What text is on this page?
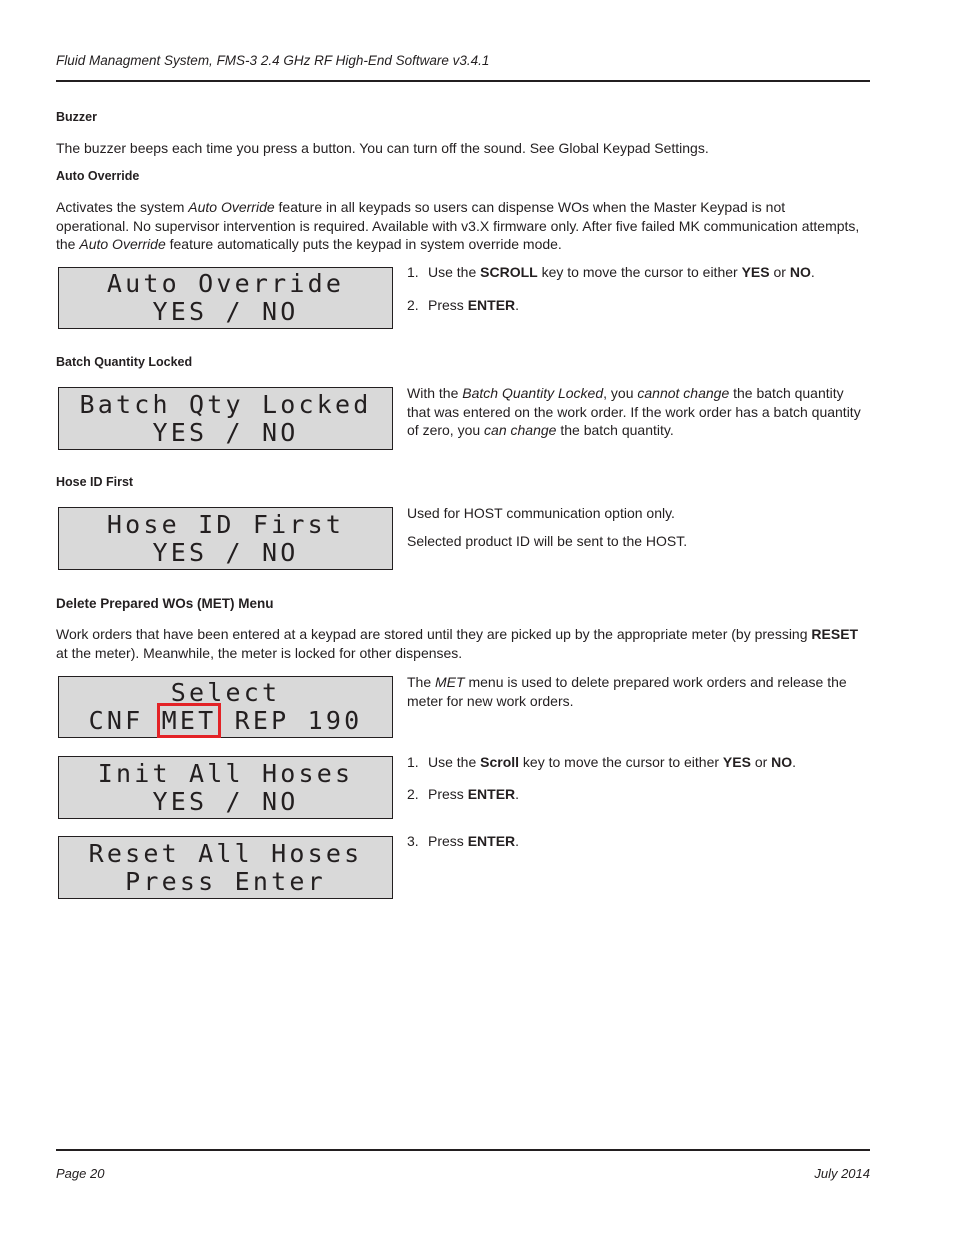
Fluid Managment System, FMS-3 2.4 GHz RF High-End Software v3.4.1
Buzzer
The buzzer beeps each time you press a button. You can turn off the sound. See Global Keypad Settings.
Auto Override
Activates the system Auto Override feature in all keypads so users can dispense WOs when the Master Keypad is not operational. No supervisor intervention is required. Available with v3.X firmware only. After five failed MK communication attempts, the Auto Override feature automatically puts the keypad in system override mode.
Auto Override
YES / NO
1. Use the SCROLL key to move the cursor to either YES or NO.
2. Press ENTER.
Batch Quantity Locked
Batch Qty Locked
YES / NO
With the Batch Quantity Locked, you cannot change the batch quantity that was entered on the work order. If the work order has a batch quantity of zero, you can change the batch quantity.
Hose ID First
Hose ID First
YES / NO
Used for HOST communication option only.
Selected product ID will be sent to the HOST.
Delete Prepared WOs (MET) Menu
Work orders that have been entered at a keypad are stored until they are picked up by the appropriate meter (by pressing RESET at the meter). Meanwhile, the meter is locked for other dispenses.
Select
CNF MET REP 190
The MET menu is used to delete prepared work orders and release the meter for new work orders.
Init All Hoses
YES / NO
1. Use the Scroll key to move the cursor to either YES or NO.
2. Press ENTER.
Reset All Hoses
Press Enter
3. Press ENTER.
Page 20	July 2014
